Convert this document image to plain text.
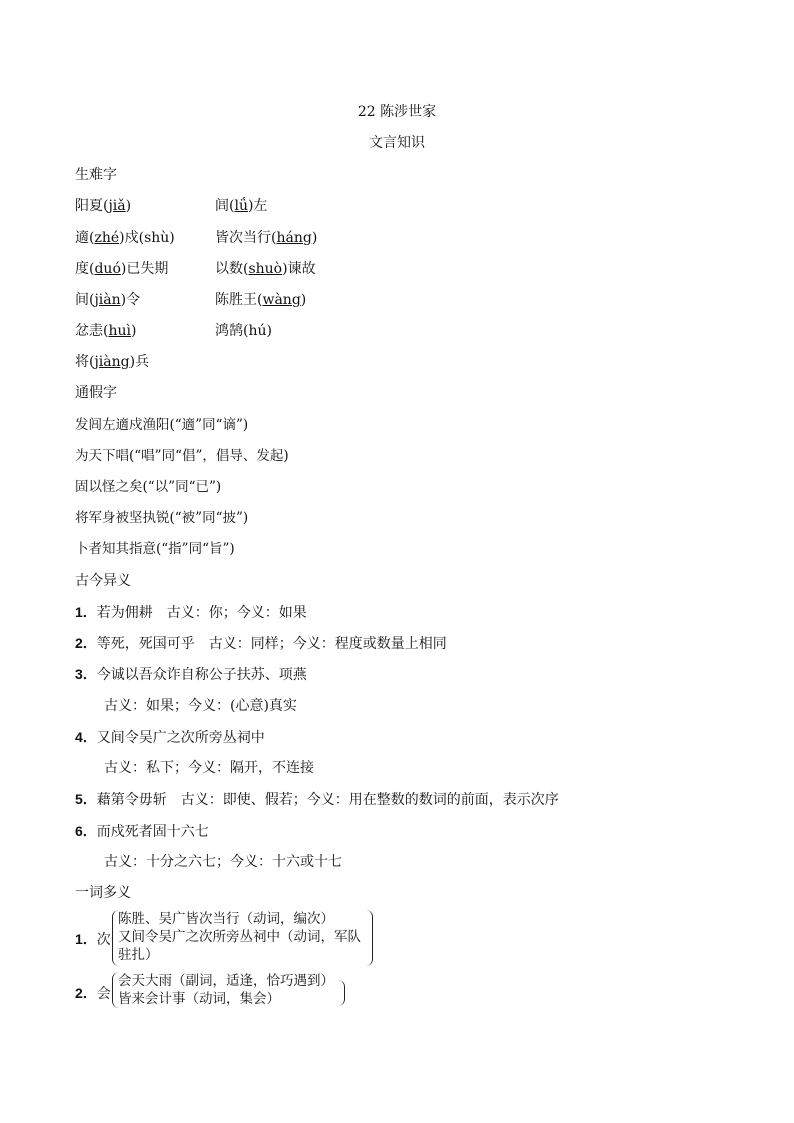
22 陈涉世家
文言知识
生难字
阳夏(jiǎ)	闾(lǘ)左
適(zhé)戍(shù)	皆次当行(háng)
度(duó)已失期	以数(shuò)谏故
间(jiàn)令	陈胜王(wàng)
忿恚(huì)	鸿鹄(hú)
将(jiàng)兵
通假字
发闾左適戍渔阳(“適”同“谪”)
为天下唱(“唱”同“倡”，倡导、发起)
固以怪之矣(“以”同“已”)
将军身被坚执锐(“被”同“披”)
卜者知其指意(“指”同“旨”)
古今异义
1．若为佣耕　古义：你；今义：如果
2．等死，死国可乎　古义：同样；今义：程度或数量上相同
3．今诚以吾众诈自称公子扶苏、项燕
古义：如果；今义：(心意)真实
4．又间令吴广之次所旁丛祠中
古义：私下；今义：隔开，不连接
5．藉第令毋斩　古义：即使、假若；今义：用在整数的数词的前面，表示次序
6．而戍死者固十六七
古义：十分之六七；今义：十六或十七
一词多义
1．次
陈胜、吴广皆次当行（动词，编次）
又间令吴广之次所旁丛祠中（动词，军队
驻扎）
2．会
会天大雨（副词，适逢，恰巧遇到）
皆来会计事（动词，集会）
